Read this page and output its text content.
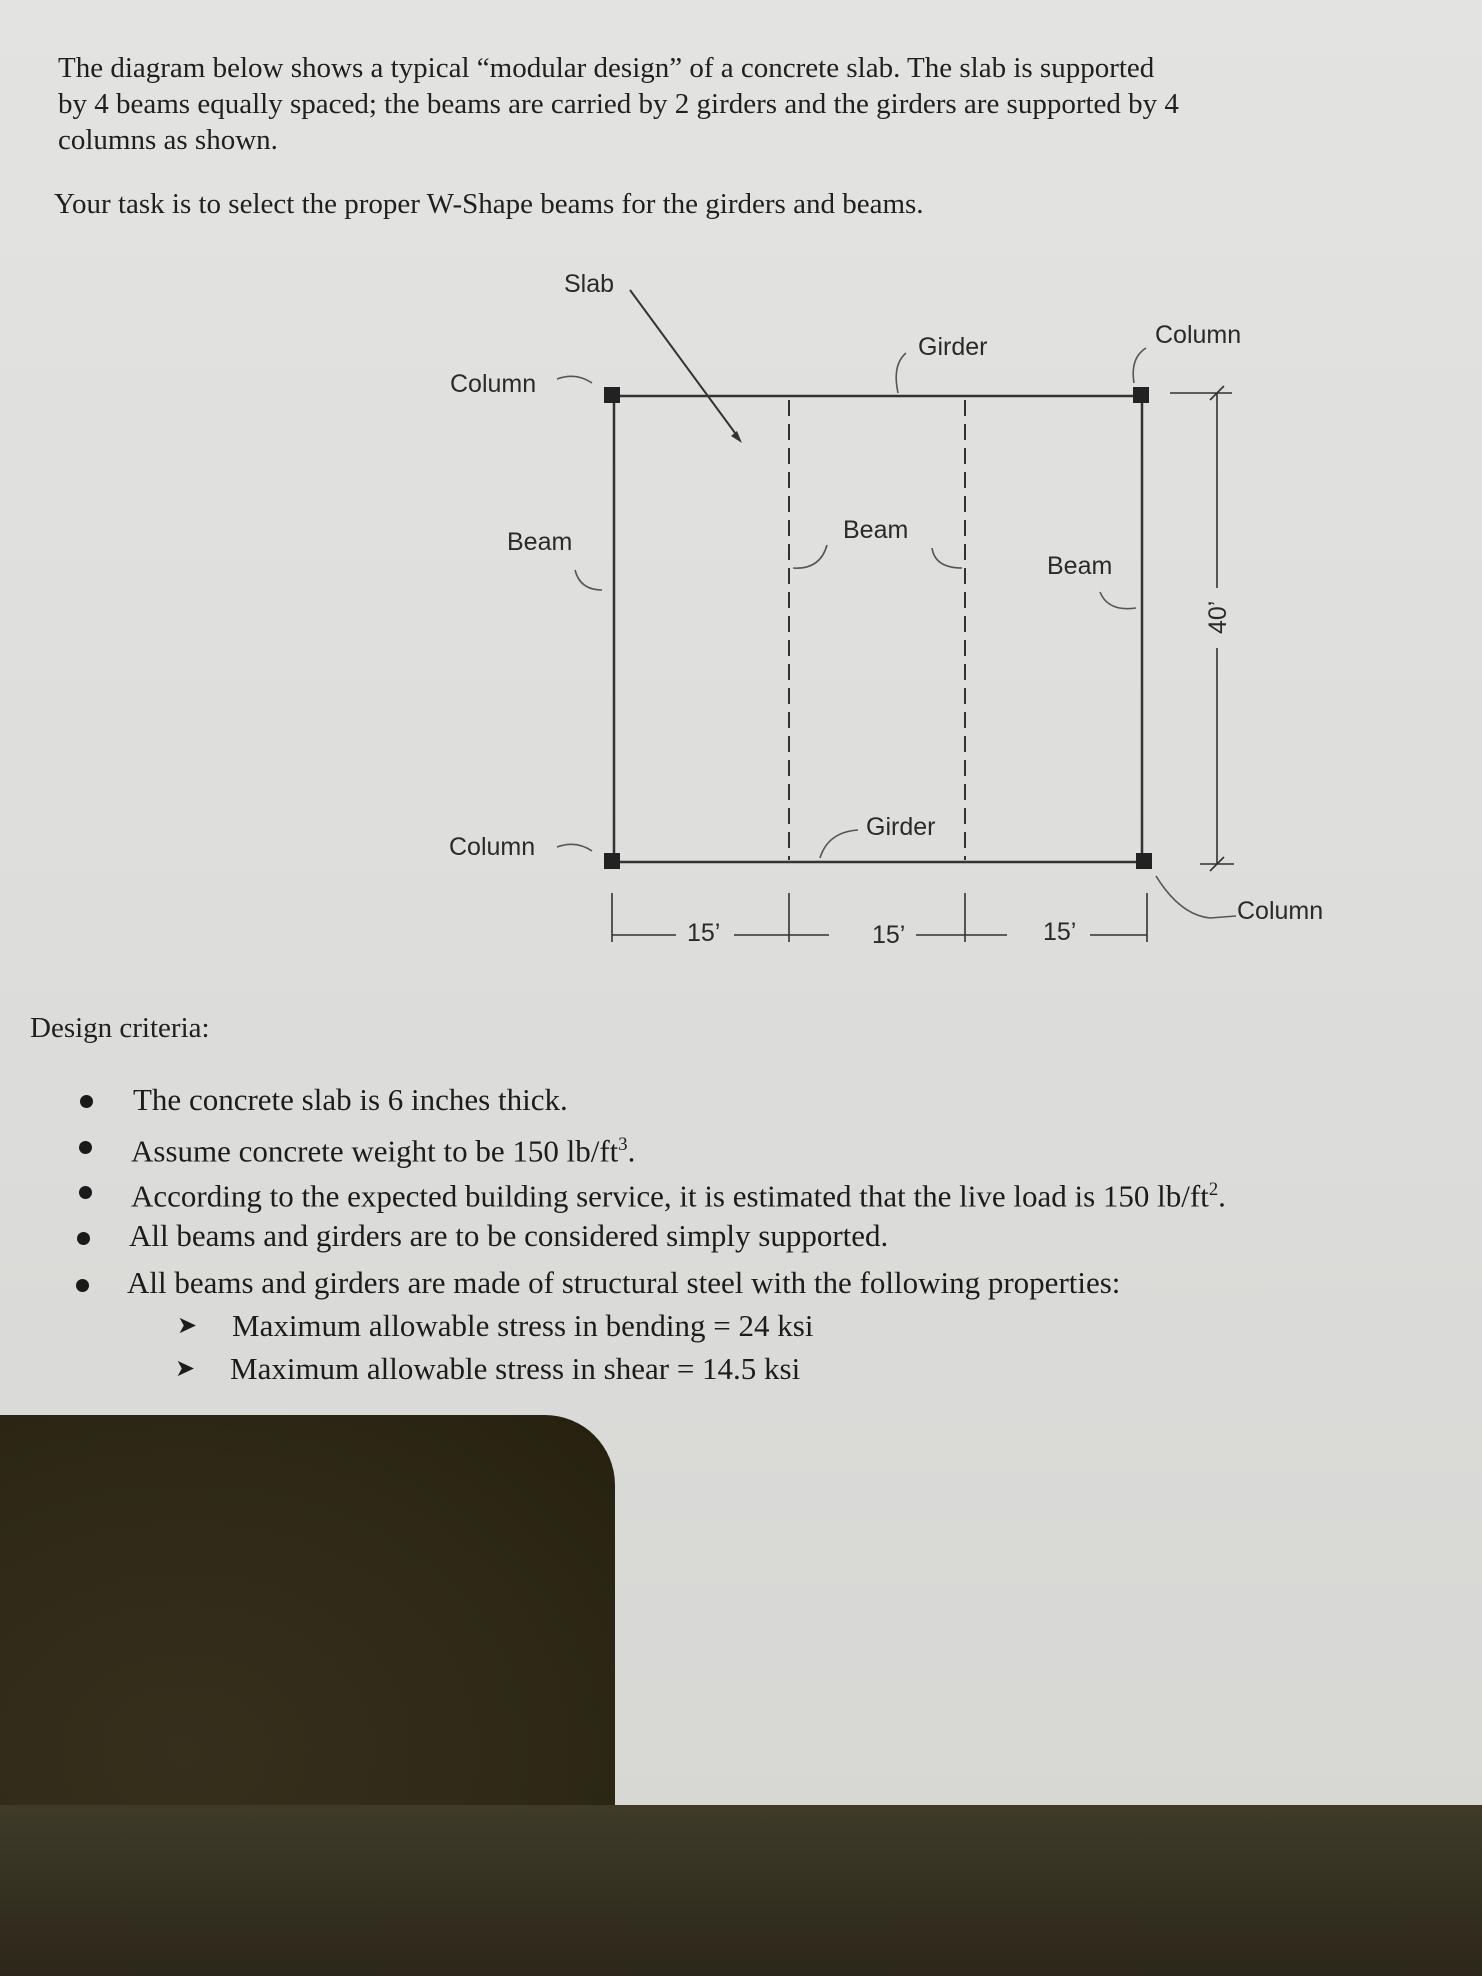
The diagram below shows a typical “modular design” of a concrete slab. The slab is supported
by 4 beams equally spaced; the beams are carried by 2 girders and the girders are supported by 4
columns as shown.

Your task is to select the proper W-Shape beams for the girders and beams.

Slab
Column
Girder	Column
Beam	Beam
Beam
Girder
Column
Column
15’	15’	15’
40’

Design criteria:

The concrete slab is 6 inches thick.
Assume concrete weight to be 150 $lb/ft^3$.
According to the expected building service, it is estimated that the live load is 150 $lb/ft^2$.
All beams and girders are to be considered simply supported.
All beams and girders are made of structural steel with the following properties:
➤ Maximum allowable stress in bending = 24 ksi
➤ Maximum allowable stress in shear = 14.5 ksi
